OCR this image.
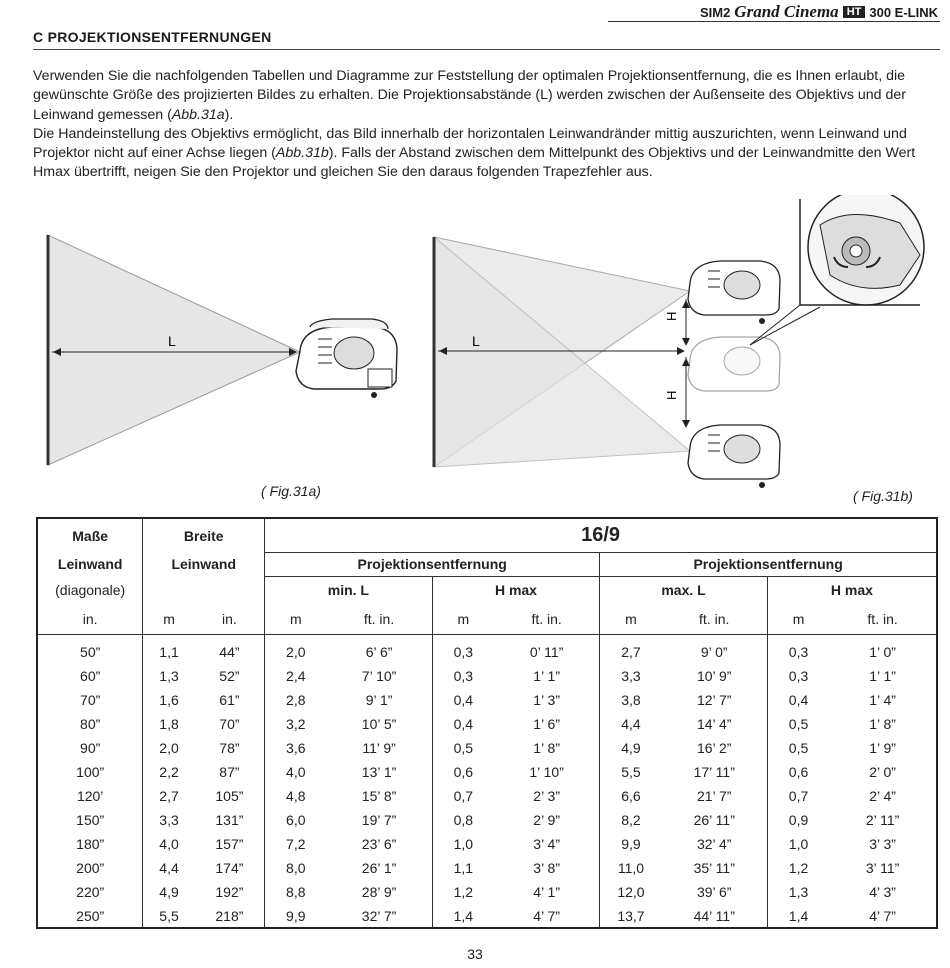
SIM2 Grand Cinema HT 300 E-LINK
C PROJEKTIONSENTFERNUNGEN

Verwenden Sie die nachfolgenden Tabellen und Diagramme zur Feststellung der optimalen Projektionsentfernung, die es Ihnen erlaubt, die gewünschte Größe des projizierten Bildes zu erhalten. Die Projektionsabstände (L) werden zwischen der Außenseite des Objektivs und der Leinwand gemessen (Abb.31a).

Die Handeinstellung des Objektivs ermöglicht, das Bild innerhalb der horizontalen Leinwandränder mittig auszurichten, wenn Leinwand und Projektor nicht auf einer Achse liegen (Abb.31b). Falls der Abstand zwischen dem Mittelpunkt des Objektivs und der Leinwandmitte den Wert Hmax übertrifft, neigen Sie den Projektor und gleichen Sie den daraus folgenden Trapezfehler aus.

L
( Fig.31a)
L
H
H
( Fig.31b)
Maße	Breite		16/9							
Leinwand	Leinwand		Projektionsentfernung				Projektionsentfernung			
(diagonale)			min. L		H max		max. L		H max	
in.	m	in.	m	ft. in.	m	ft. in.	m	ft. in.	m	ft. in.
50”	1,1	44”	2,0	6’ 6”	0,3	0’ 11”	2,7	9’ 0”	0,3	1’ 0”
60”	1,3	52”	2,4	7’ 10”	0,3	1’ 1”	3,3	10’ 9”	0,3	1’ 1”
70”	1,6	61”	2,8	9’ 1”	0,4	1’ 3”	3,8	12’ 7”	0,4	1’ 4”
80”	1,8	70”	3,2	10’ 5”	0,4	1’ 6”	4,4	14’ 4”	0,5	1’ 8”
90”	2,0	78”	3,6	11’ 9”	0,5	1’ 8”	4,9	16’ 2”	0,5	1’ 9”
100”	2,2	87”	4,0	13’ 1”	0,6	1’ 10”	5,5	17’ 11”	0,6	2’ 0”
120’	2,7	105”	4,8	15’ 8”	0,7	2’ 3”	6,6	21’ 7”	0,7	2’ 4”
150”	3,3	131”	6,0	19’ 7”	0,8	2’ 9”	8,2	26’ 11”	0,9	2’ 11”
180”	4,0	157”	7,2	23’ 6”	1,0	3’ 4”	9,9	32’ 4”	1,0	3’ 3”
200”	4,4	174”	8,0	26’ 1”	1,1	3’ 8”	11,0	35’ 11”	1,2	3’ 11”
220”	4,9	192”	8,8	28’ 9”	1,2	4’ 1”	12,0	39’ 6”	1,3	4’ 3”
250”	5,5	218”	9,9	32’ 7”	1,4	4’ 7”	13,7	44’ 11”	1,4	4’ 7”
33
